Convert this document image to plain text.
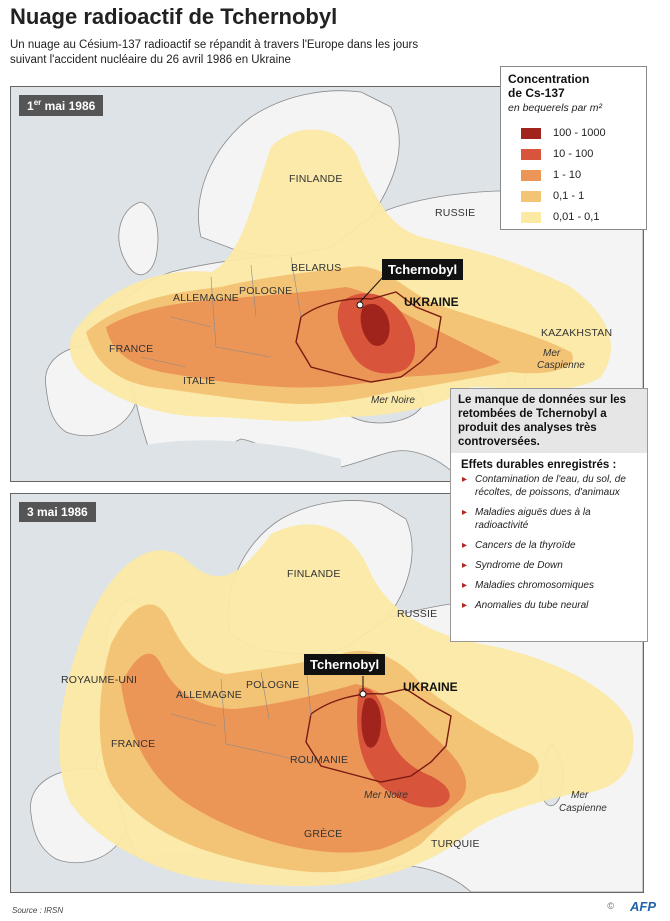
Nuage radioactif de Tchernobyl
Un nuage au Césium-137 radioactif se répandit à travers l'Europe dans les jours suivant l'accident nucléaire du 26 avril 1986 en Ukraine
1er mai 1986
Tchernobyl
FINLANDE
RUSSIE
BELARUS
ALLEMAGNE
POLOGNE
UKRAINE
KAZAKHSTAN
FRANCE
ITALIE
Mer
Caspienne
Mer Noire
Concentration
de Cs-137
en bequerels par m²
100 - 1000
10 - 100
1 - 10
0,1 - 1
0,01 - 0,1
3 mai 1986
Tchernobyl
FINLANDE
RUSSIE
ROYAUME-UNI
ALLEMAGNE
POLOGNE	UKRAINE
FRANCE
ROUMANIE
GRÈCE
TURQUIE
Mer Noire	Mer
Caspienne
Le manque de données sur les retombées de Tchernobyl a produit des analyses très controversées.
Effets durables enregistrés :
▸ Contamination de l'eau, du sol, de récoltes, de poissons, d'animaux
▸ Maladies aiguës dues à la radioactivité
▸ Cancers de la thyroïde
▸ Syndrome de Down
▸ Maladies chromosomiques
▸ Anomalies du tube neural
Source : IRSN	© AFP
